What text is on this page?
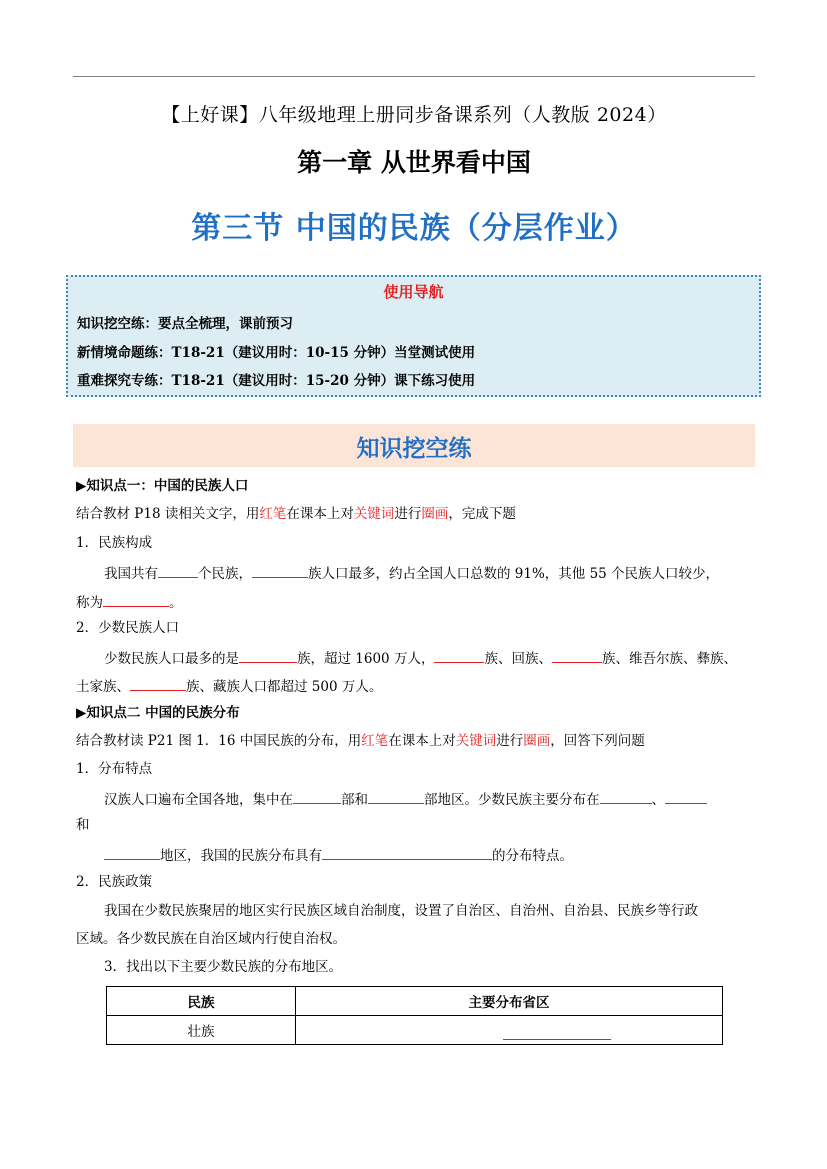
【上好课】八年级地理上册同步备课系列（人教版 2024）
第一章 从世界看中国
第三节 中国的民族（分层作业）
使用导航
知识挖空练：要点全梳理，课前预习
新情境命题练：T18-21（建议用时：10-15 分钟）当堂测试使用
重难探究专练：T18-21（建议用时：15-20 分钟）课下练习使用
知识挖空练
▶知识点一：中国的民族人口
结合教材 P18 读相关文字，用红笔在课本上对关键词进行圈画，完成下题
1．民族构成
我国共有	个民族，	族人口最多，约占全国人口总数的 91%，其他 55 个民族人口较少，
称为	。
2．少数民族人口
少数民族人口最多的是	族，超过 1600 万人，	族、回族、	族、维吾尔族、彝族、
土家族、	族、藏族人口都超过 500 万人。
▶知识点二 中国的民族分布
结合教材读 P21 图 1．16 中国民族的分布，用红笔在课本上对关键词进行圈画，回答下列问题
1．分布特点
汉族人口遍布全国各地，集中在	部和	部地区。少数民族主要分布在	、
和
地区，我国的民族分布具有	的分布特点。
2．民族政策
我国在少数民族聚居的地区实行民族区域自治制度，设置了自治区、自治州、自治县、民族乡等行政
区域。各少数民族在自治区域内行使自治权。
3．找出以下主要少数民族的分布地区。
民族	主要分布省区
壮族	
